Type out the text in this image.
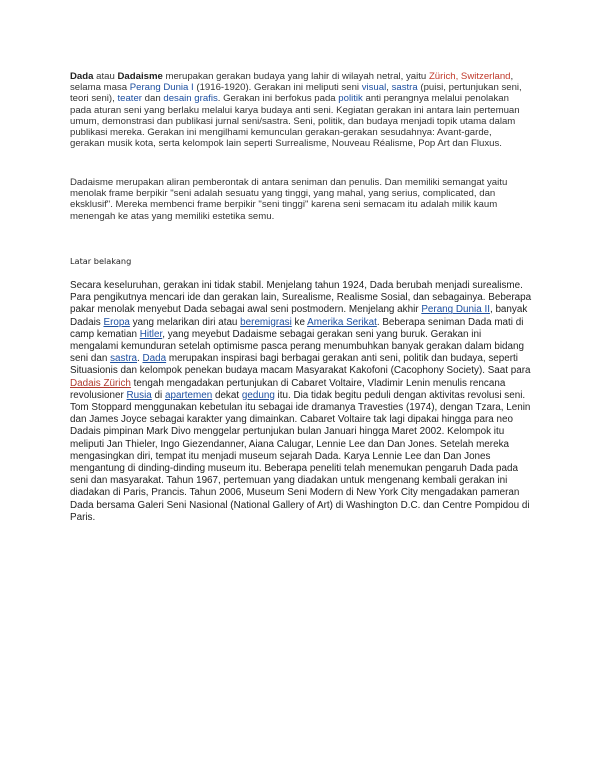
Dada atau Dadaisme merupakan gerakan budaya yang lahir di wilayah netral, yaitu Zürich, Switzerland, selama masa Perang Dunia I (1916-1920). Gerakan ini meliputi seni visual, sastra (puisi, pertunjukan seni, teori seni), teater dan desain grafis. Gerakan ini berfokus pada politik anti perangnya melalui penolakan pada aturan seni yang berlaku melalui karya budaya anti seni. Kegiatan gerakan ini antara lain pertemuan umum, demonstrasi dan publikasi jurnal seni/sastra. Seni, politik, dan budaya menjadi topik utama dalam publikasi mereka. Gerakan ini mengilhami kemunculan gerakan-gerakan sesudahnya: Avant-garde, gerakan musik kota, serta kelompok lain seperti Surrealisme, Nouveau Réalisme, Pop Art dan Fluxus.

Dadaisme merupakan aliran pemberontak di antara seniman dan penulis. Dan memiliki semangat yaitu menolak frame berpikir "seni adalah sesuatu yang tinggi, yang mahal, yang serius, complicated, dan eksklusif". Mereka membenci frame berpikir "seni tinggi" karena seni semacam itu adalah milik kaum menengah ke atas yang memiliki estetika semu.

Latar belakang

Secara keseluruhan, gerakan ini tidak stabil. Menjelang tahun 1924, Dada berubah menjadi surealisme. Para pengikutnya mencari ide dan gerakan lain, Surealisme, Realisme Sosial, dan sebagainya. Beberapa pakar menolak menyebut Dada sebagai awal seni postmodern. Menjelang akhir Perang Dunia II, banyak Dadais Eropa yang melarikan diri atau beremigrasi ke Amerika Serikat. Beberapa seniman Dada mati di camp kematian Hitler, yang meyebut Dadaisme sebagai gerakan seni yang buruk. Gerakan ini mengalami kemunduran setelah optimisme pasca perang menumbuhkan banyak gerakan dalam bidang seni dan sastra. Dada merupakan inspirasi bagi berbagai gerakan anti seni, politik dan budaya, seperti Situasionis dan kelompok penekan budaya macam Masyarakat Kakofoni (Cacophony Society). Saat para Dadais Zürich tengah mengadakan pertunjukan di Cabaret Voltaire, Vladimir Lenin menulis rencana revolusioner Rusia di apartemen dekat gedung itu. Dia tidak begitu peduli dengan aktivitas revolusi seni. Tom Stoppard menggunakan kebetulan itu sebagai ide dramanya Travesties (1974), dengan Tzara, Lenin dan James Joyce sebagai karakter yang dimainkan. Cabaret Voltaire tak lagi dipakai hingga para neo Dadais pimpinan Mark Divo menggelar pertunjukan bulan Januari hingga Maret 2002. Kelompok itu meliputi Jan Thieler, Ingo Giezendanner, Aiana Calugar, Lennie Lee dan Dan Jones. Setelah mereka mengasingkan diri, tempat itu menjadi museum sejarah Dada. Karya Lennie Lee dan Dan Jones mengantung di dinding-dinding museum itu. Beberapa peneliti telah menemukan pengaruh Dada pada seni dan masyarakat. Tahun 1967, pertemuan yang diadakan untuk mengenang kembali gerakan ini diadakan di Paris, Prancis. Tahun 2006, Museum Seni Modern di New York City mengadakan pameran Dada bersama Galeri Seni Nasional (National Gallery of Art) di Washington D.C. dan Centre Pompidou di Paris.
